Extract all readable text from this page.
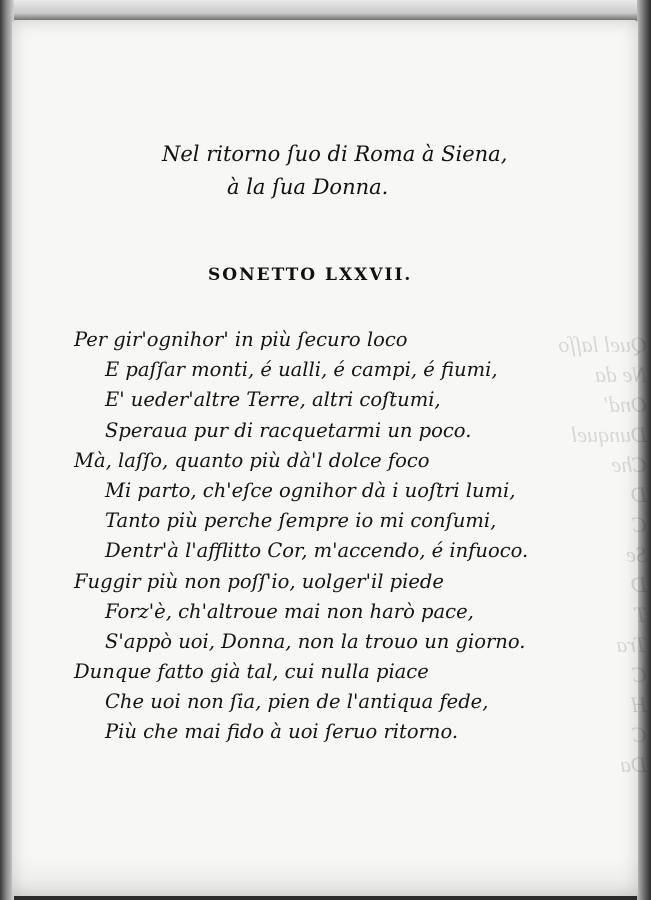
Quel laſſo
Ne da
Ond'
Dunquel
Che
Se
Tra
Da
Nel ritorno ſuo di Roma à Siena,
à la ſua Donna.
SONETTO LXXVII.
Per gir'ognihor' in più ſecuro loco
E paſſar monti, é ualli, é campi, é fiumi,
E' ueder'altre Terre, altri coſtumi,
Speraua pur di racquetarmi un poco.
Mà, laſſo, quanto più dà'l dolce foco
Mi parto, ch'eſce ognihor dà i uoſtri lumi,
Tanto più perche ſempre io mi conſumi,
Dentr'à l'afflitto Cor, m'accendo, é infuoco.
Fuggir più non poſſ'io, uolger'il piede
Forz'è, ch'altroue mai non harò pace,
S'appò uoi, Donna, non la trouo un giorno.
Dunque fatto già tal, cui nulla piace
Che uoi non ſia, pien de l'antiqua fede,
Più che mai fido à uoi ſeruo ritorno.
